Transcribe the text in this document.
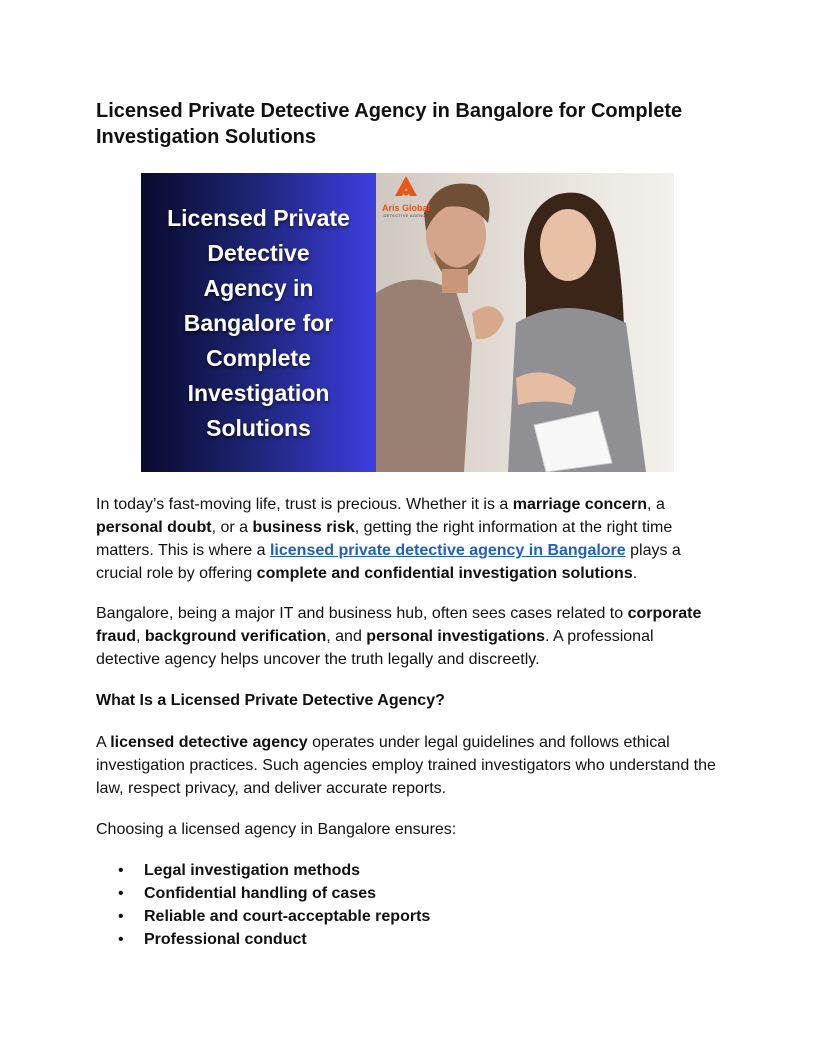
Licensed Private Detective Agency in Bangalore for Complete Investigation Solutions
Licensed Private
Detective
Agency in
Bangalore for
Complete
Investigation
Solutions
Aris Global
DETECTIVE AGENCY

In today’s fast-moving life, trust is precious. Whether it is a marriage concern, a personal doubt, or a business risk, getting the right information at the right time matters. This is where a licensed private detective agency in Bangalore plays a crucial role by offering complete and confidential investigation solutions.

Bangalore, being a major IT and business hub, often sees cases related to corporate fraud, background verification, and personal investigations. A professional detective agency helps uncover the truth legally and discreetly.

What Is a Licensed Private Detective Agency?

A licensed detective agency operates under legal guidelines and follows ethical investigation practices. Such agencies employ trained investigators who understand the law, respect privacy, and deliver accurate reports.

Choosing a licensed agency in Bangalore ensures:
• Legal investigation methods
• Confidential handling of cases
• Reliable and court-acceptable reports
• Professional conduct
